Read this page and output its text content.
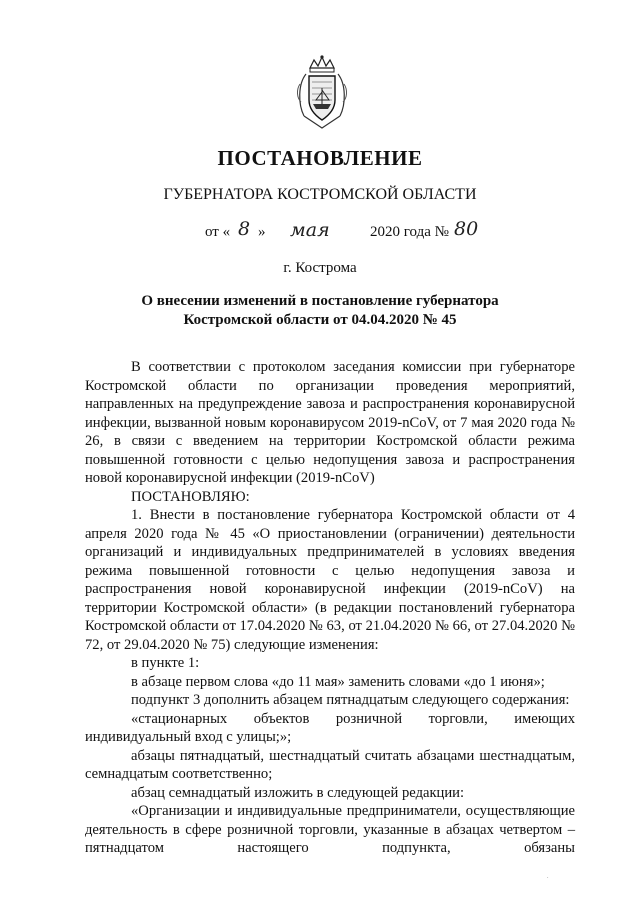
ПОСТАНОВЛЕНИЕ
ГУБЕРНАТОРА КОСТРОМСКОЙ ОБЛАСТИ
от « 8 » мая	2020 года № 80
г. Кострома
О внесении изменений в постановление губернатора
Костромской области от 04.04.2020 № 45

В соответствии с протоколом заседания комиссии при губернаторе Костромской области по организации проведения мероприятий, направленных на предупреждение завоза и распространения коронавирусной инфекции, вызванной новым коронавирусом 2019-nCoV, от 7 мая 2020 года № 26, в связи с введением на территории Костромской области режима повышенной готовности с целью недопущения завоза и распространения новой коронавирусной инфекции (2019-nCoV)

ПОСТАНОВЛЯЮ:

1. Внести в постановление губернатора Костромской области от 4 апреля 2020 года № 45 «О приостановлении (ограничении) деятельности организаций и индивидуальных предпринимателей в условиях введения режима повышенной готовности с целью недопущения завоза и распространения новой коронавирусной инфекции (2019-nCoV) на территории Костромской области» (в редакции постановлений губернатора Костромской области от 17.04.2020 № 63, от 21.04.2020 № 66, от 27.04.2020 № 72, от 29.04.2020 № 75) следующие изменения:

в пункте 1:

в абзаце первом слова «до 11 мая» заменить словами «до 1 июня»;

подпункт 3 дополнить абзацем пятнадцатым следующего содержания:

«стационарных объектов розничной торговли, имеющих индивидуальный вход с улицы;»;

абзацы пятнадцатый, шестнадцатый считать абзацами шестнадцатым, семнадцатым соответственно;

абзац семнадцатый изложить в следующей редакции:

«Организации и индивидуальные предприниматели, осуществляющие деятельность в сфере розничной торговли, указанные в абзацах четвертом – пятнадцатом настоящего подпункта, обязаны

.
